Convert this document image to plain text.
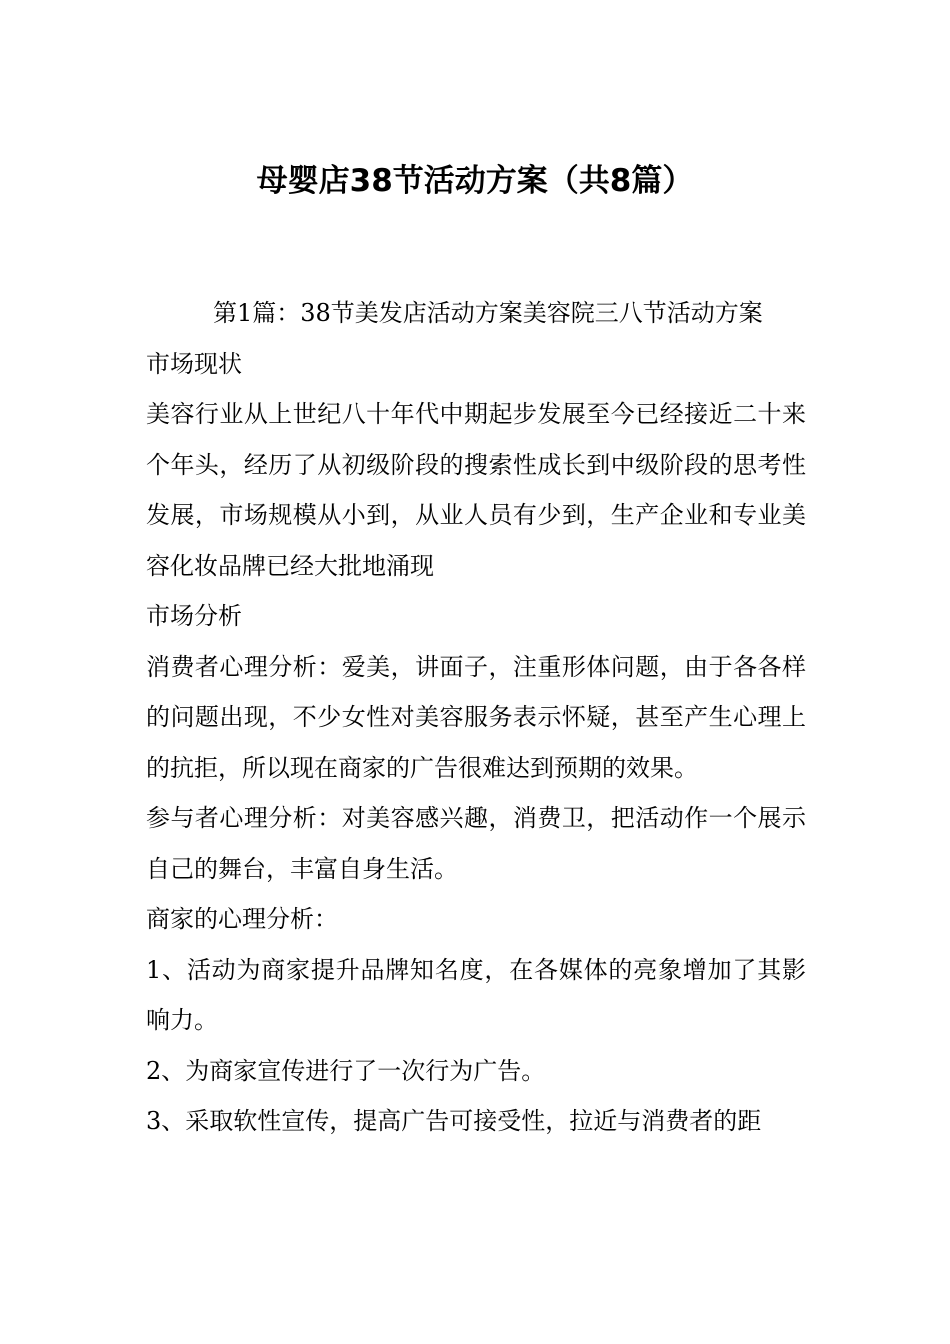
母婴店38节活动方案（共8篇）

第1篇：38节美发店活动方案美容院三八节活动方案

市场现状

美容行业从上世纪八十年代中期起步发展至今已经接近二十来个年头，经历了从初级阶段的搜索性成长到中级阶段的思考性发展，市场规模从小到，从业人员有少到，生产企业和专业美容化妆品牌已经大批地涌现

市场分析

消费者心理分析：爱美，讲面子，注重形体问题，由于各各样的问题出现，不少女性对美容服务表示怀疑，甚至产生心理上的抗拒，所以现在商家的广告很难达到预期的效果。

参与者心理分析：对美容感兴趣，消费卫，把活动作一个展示自己的舞台，丰富自身生活。

商家的心理分析：

1、活动为商家提升品牌知名度，在各媒体的亮象增加了其影响力。

2、为商家宣传进行了一次行为广告。

3、采取软性宣传，提高广告可接受性，拉近与消费者的距
